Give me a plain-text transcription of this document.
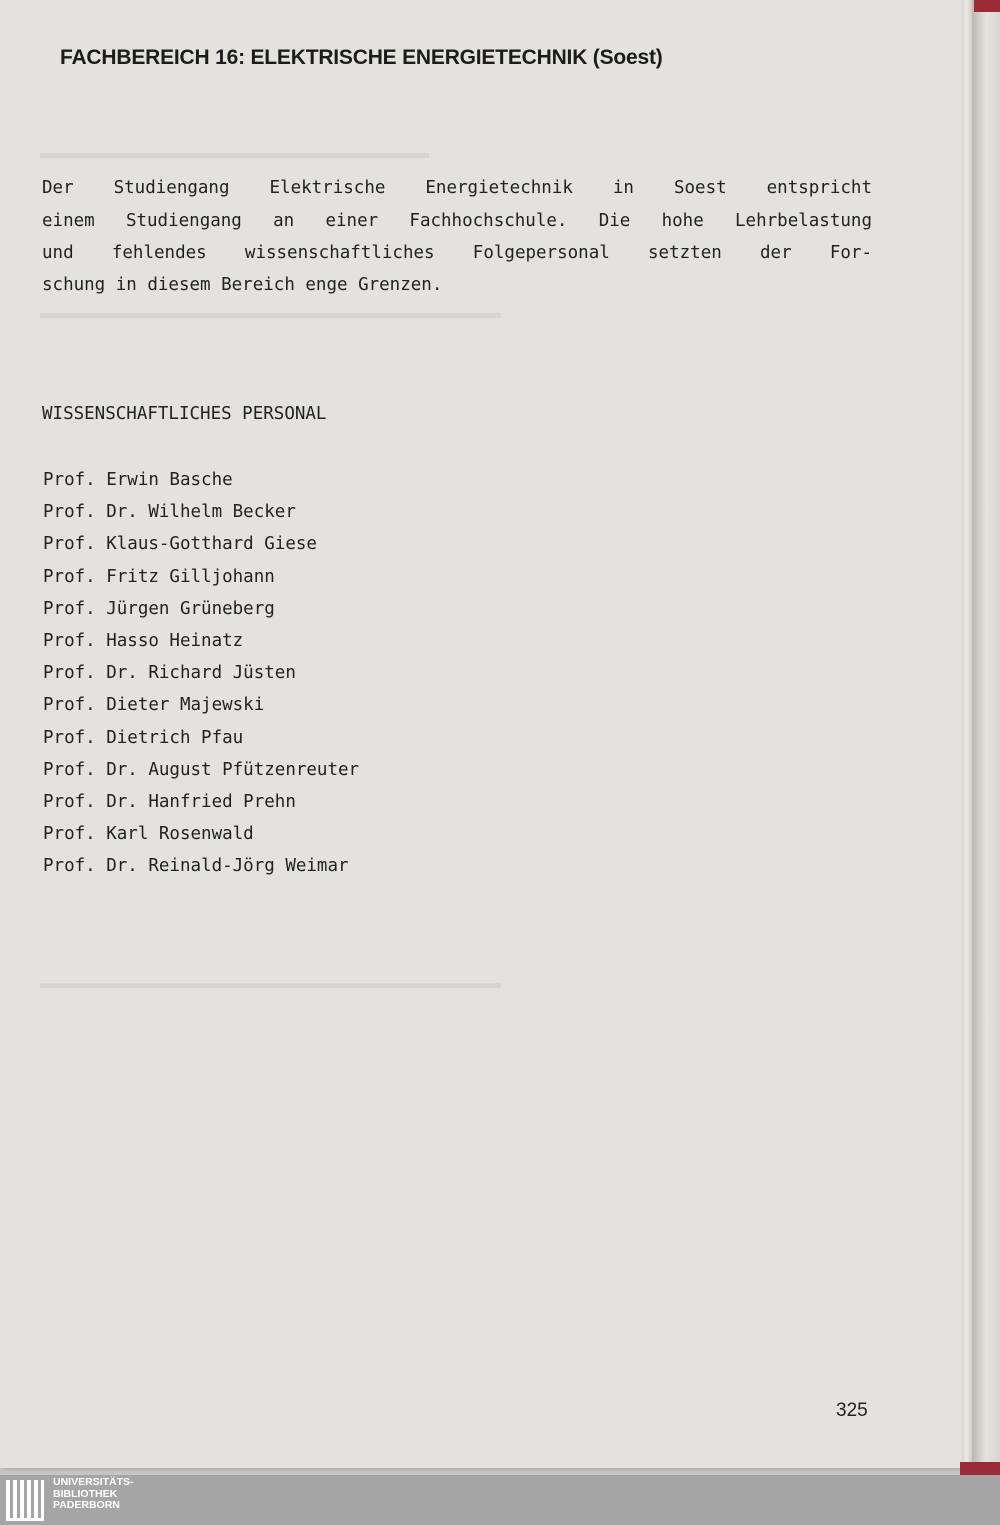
▬▬▬▬▬▬▬▬▬▬▬▬▬▬▬▬▬▬▬▬▬▬▬▬▬▬▬▬▬▬▬▬▬▬▬▬▬▬
▬▬▬▬▬▬▬▬▬▬▬▬▬▬▬▬▬▬▬▬▬▬▬▬▬▬▬▬▬▬▬▬▬▬▬▬▬▬▬▬▬▬▬▬▬
▬▬▬▬▬▬▬▬▬▬▬▬▬▬▬▬▬▬▬▬▬▬▬▬▬▬▬▬▬▬▬▬▬▬▬▬▬▬▬▬▬▬▬▬▬
FACHBEREICH 16: ELEKTRISCHE ENERGIETECHNIK (Soest)
Der Studiengang Elektrische Energietechnik in Soest entspricht
einem Studiengang an einer Fachhochschule. Die hohe Lehrbelastung
und fehlendes wissenschaftliches Folgepersonal setzten der For-
schung in diesem Bereich enge Grenzen.
WISSENSCHAFTLICHES PERSONAL
Prof. Erwin Basche
Prof. Dr. Wilhelm Becker
Prof. Klaus-Gotthard Giese
Prof. Fritz Gilljohann
Prof. Jürgen Grüneberg
Prof. Hasso Heinatz
Prof. Dr. Richard Jüsten
Prof. Dieter Majewski
Prof. Dietrich Pfau
Prof. Dr. August Pfützenreuter
Prof. Dr. Hanfried Prehn
Prof. Karl Rosenwald
Prof. Dr. Reinald-Jörg Weimar
325
UNIVERSITÄTS-
BIBLIOTHEK
PADERBORN
